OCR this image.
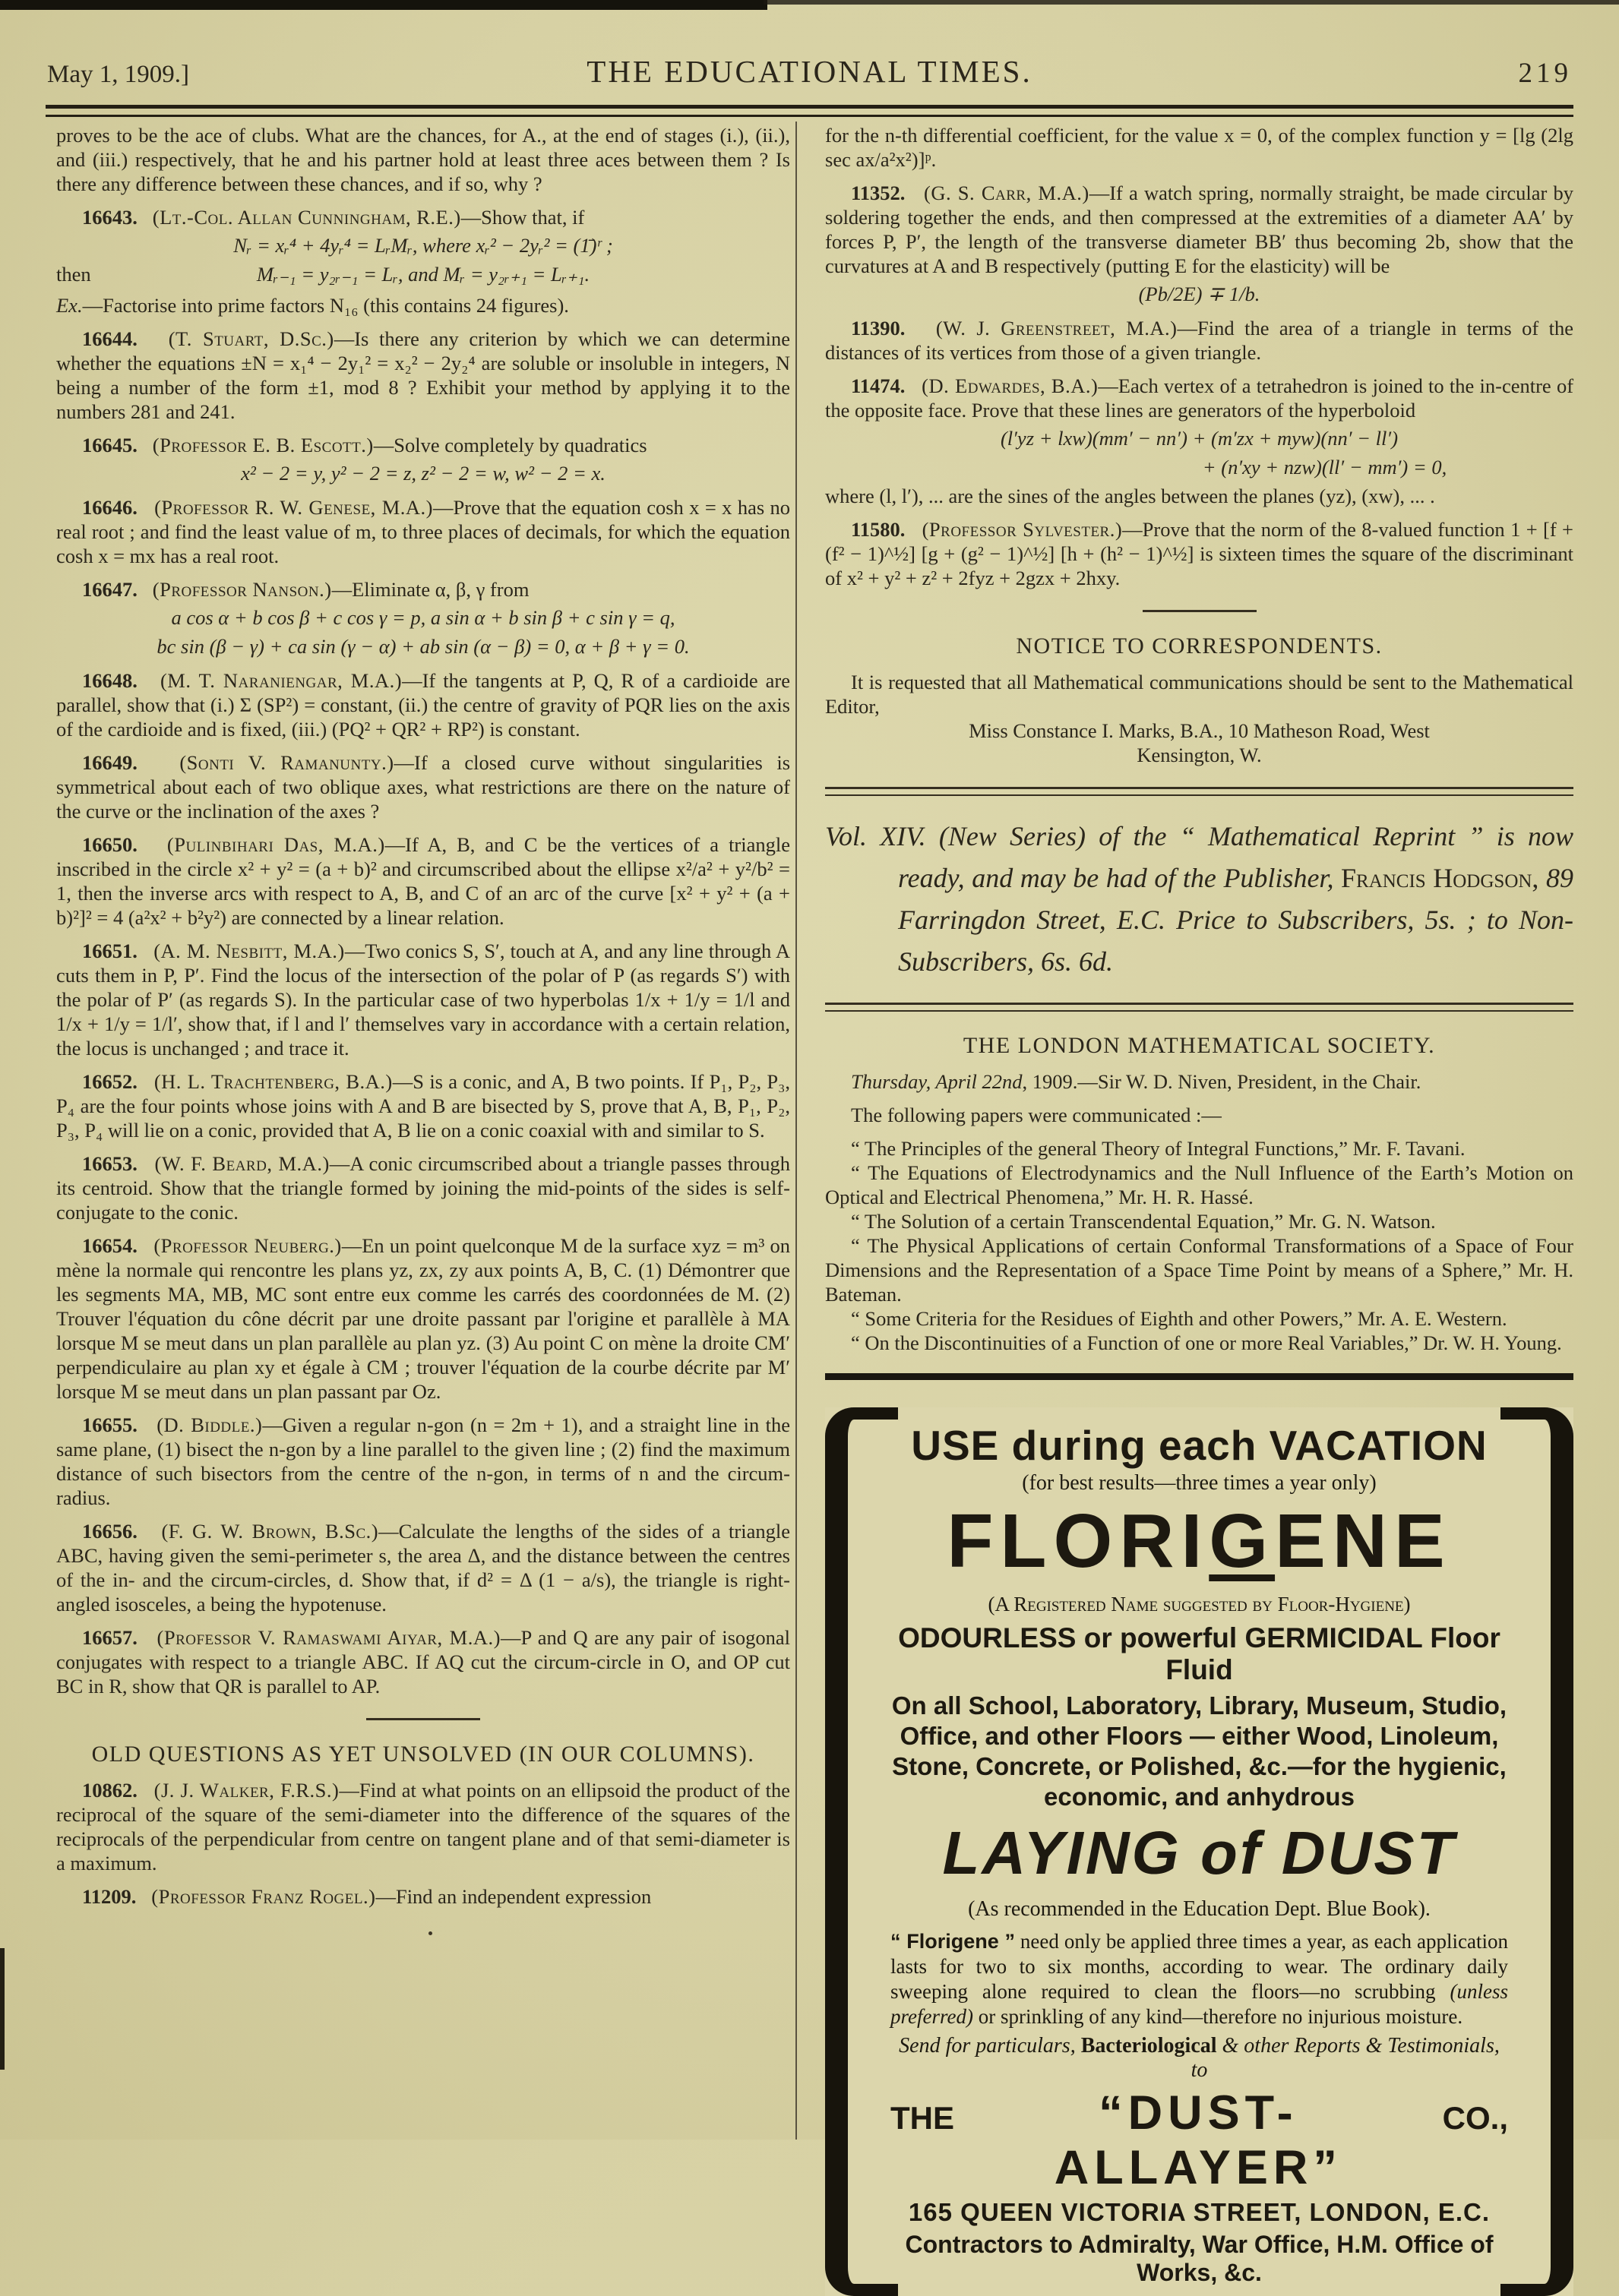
May 1, 1909.]	THE EDUCATIONAL TIMES.	219

proves to be the ace of clubs. What are the chances, for A., at the end of stages (i.), (ii.), and (iii.) respectively, that he and his partner hold at least three aces between them ? Is there any difference between these chances, and if so, why ?

16643. (Lt.-Col. Allan Cunningham, R.E.)—Show that, if

Nᵣ = xᵣ⁴ + 4yᵣ⁴ = LᵣMᵣ, where xᵣ² − 2yᵣ² = (1̄)ʳ ;
then	Mᵣ₋₁ = y₂ᵣ₋₁ = Lᵣ, and Mᵣ = y₂ᵣ₊₁ = Lᵣ₊₁.

Ex.—Factorise into prime factors N₁₆ (this contains 24 figures).

16644. (T. Stuart, D.Sc.)—Is there any criterion by which we can determine whether the equations ±N = x₁⁴ − 2y₁² = x₂² − 2y₂⁴ are soluble or insoluble in integers, N being a number of the form ±1, mod 8 ? Exhibit your method by applying it to the numbers 281 and 241.

16645. (Professor E. B. Escott.)—Solve completely by quadratics

x² − 2 = y, y² − 2 = z, z² − 2 = w, w² − 2 = x.

16646. (Professor R. W. Genese, M.A.)—Prove that the equation cosh x = x has no real root ; and find the least value of m, to three places of decimals, for which the equation cosh x = mx has a real root.

16647. (Professor Nanson.)—Eliminate α, β, γ from

a cos α + b cos β + c cos γ = p, a sin α + b sin β + c sin γ = q,
bc sin (β − γ) + ca sin (γ − α) + ab sin (α − β) = 0, α + β + γ = 0.

16648. (M. T. Naraniengar, M.A.)—If the tangents at P, Q, R of a cardioide are parallel, show that (i.) Σ (SP²) = constant, (ii.) the centre of gravity of PQR lies on the axis of the cardioide and is fixed, (iii.) (PQ² + QR² + RP²) is constant.

16649. (Sonti V. Ramanunty.)—If a closed curve without singularities is symmetrical about each of two oblique axes, what restrictions are there on the nature of the curve or the inclination of the axes ?

16650. (Pulinbihari Das, M.A.)—If A, B, and C be the vertices of a triangle inscribed in the circle x² + y² = (a + b)² and circumscribed about the ellipse x²/a² + y²/b² = 1, then the inverse arcs with respect to A, B, and C of an arc of the curve [x² + y² + (a + b)²]² = 4 (a²x² + b²y²) are connected by a linear relation.

16651. (A. M. Nesbitt, M.A.)—Two conics S, S′, touch at A, and any line through A cuts them in P, P′. Find the locus of the intersection of the polar of P (as regards S′) with the polar of P′ (as regards S). In the particular case of two hyperbolas 1/x + 1/y = 1/l and 1/x + 1/y = 1/l′, show that, if l and l′ themselves vary in accordance with a certain relation, the locus is unchanged ; and trace it.

16652. (H. L. Trachtenberg, B.A.)—S is a conic, and A, B two points. If P₁, P₂, P₃, P₄ are the four points whose joins with A and B are bisected by S, prove that A, B, P₁, P₂, P₃, P₄ will lie on a conic, provided that A, B lie on a conic coaxial with and similar to S.

16653. (W. F. Beard, M.A.)—A conic circumscribed about a triangle passes through its centroid. Show that the triangle formed by joining the mid-points of the sides is self-conjugate to the conic.

16654. (Professor Neuberg.)—En un point quelconque M de la surface xyz = m³ on mène la normale qui rencontre les plans yz, zx, zy aux points A, B, C. (1) Démontrer que les segments MA, MB, MC sont entre eux comme les carrés des coordonnées de M. (2) Trouver l'équation du cône décrit par une droite passant par l'origine et parallèle à MA lorsque M se meut dans un plan parallèle au plan yz. (3) Au point C on mène la droite CM′ perpendiculaire au plan xy et égale à CM ; trouver l'équation de la courbe décrite par M′ lorsque M se meut dans un plan passant par Oz.

16655. (D. Biddle.)—Given a regular n-gon (n = 2m + 1), and a straight line in the same plane, (1) bisect the n-gon by a line parallel to the given line ; (2) find the maximum distance of such bisectors from the centre of the n-gon, in terms of n and the circum-radius.

16656. (F. G. W. Brown, B.Sc.)—Calculate the lengths of the sides of a triangle ABC, having given the semi-perimeter s, the area Δ, and the distance between the centres of the in- and the circum-circles, d. Show that, if d² = Δ (1 − a/s), the triangle is right-angled isosceles, a being the hypotenuse.

16657. (Professor V. Ramaswami Aiyar, M.A.)—P and Q are any pair of isogonal conjugates with respect to a triangle ABC. If AQ cut the circum-circle in O, and OP cut BC in R, show that QR is parallel to AP.

OLD QUESTIONS AS YET UNSOLVED (IN OUR COLUMNS).

10862. (J. J. Walker, F.R.S.)—Find at what points on an ellipsoid the product of the reciprocal of the square of the semi-diameter into the difference of the squares of the reciprocals of the perpendicular from centre on tangent plane and of that semi-diameter is a maximum.

11209. (Professor Franz Rogel.)—Find an independent expression

for the n-th differential coefficient, for the value x = 0, of the complex function y = [lg (2lg sec ax/a²x²)]ᵖ.

11352. (G. S. Carr, M.A.)—If a watch spring, normally straight, be made circular by soldering together the ends, and then compressed at the extremities of a diameter AA′ by forces P, P′, the length of the transverse diameter BB′ thus becoming 2b, show that the curvatures at A and B respectively (putting E for the elasticity) will be

(Pb/2E) ∓ 1/b.

11390. (W. J. Greenstreet, M.A.)—Find the area of a triangle in terms of the distances of its vertices from those of a given triangle.

11474. (D. Edwardes, B.A.)—Each vertex of a tetrahedron is joined to the in-centre of the opposite face. Prove that these lines are generators of the hyperboloid

(l′yz + lxw)(mm′ − nn′) + (m′zx + myw)(nn′ − ll′)
+ (n′xy + nzw)(ll′ − mm′) = 0,

where (l, l′), ... are the sines of the angles between the planes (yz), (xw), ... .

11580. (Professor Sylvester.)—Prove that the norm of the 8-valued function 1 + [f + (f² − 1)^½] [g + (g² − 1)^½] [h + (h² − 1)^½] is sixteen times the square of the discriminant of x² + y² + z² + 2fyz + 2gzx + 2hxy.

NOTICE TO CORRESPONDENTS.

It is requested that all Mathematical communications should be sent to the Mathematical Editor,

Miss Constance I. Marks, B.A., 10 Matheson Road, West

Kensington, W.

Vol. XIV. (New Series) of the “ Mathematical Reprint ” is now ready, and may be had of the Publisher, Francis Hodgson, 89 Farringdon Street, E.C. Price to Subscribers, 5s. ; to Non-Subscribers, 6s. 6d.

THE LONDON MATHEMATICAL SOCIETY.

Thursday, April 22nd, 1909.—Sir W. D. Niven, President, in the Chair.

The following papers were communicated :—

“ The Principles of the general Theory of Integral Functions,” Mr. F. Tavani.

“ The Equations of Electrodynamics and the Null Influence of the Earth’s Motion on Optical and Electrical Phenomena,” Mr. H. R. Hassé.

“ The Solution of a certain Transcendental Equation,” Mr. G. N. Watson.

“ The Physical Applications of certain Conformal Transformations of a Space of Four Dimensions and the Representation of a Space Time Point by means of a Sphere,” Mr. H. Bateman.

“ Some Criteria for the Residues of Eighth and other Powers,” Mr. A. E. Western.

“ On the Discontinuities of a Function of one or more Real Variables,” Dr. W. H. Young.

USE during each VACATION
(for best results—three times a year only)
FLORIGENE
(A Registered Name suggested by Floor-Hygiene)
ODOURLESS or powerful GERMICIDAL Floor Fluid
On all School, Laboratory, Library, Museum, Studio, Office, and other Floors — either Wood, Linoleum, Stone, Concrete, or Polished, &c.—for the hygienic, economic, and anhydrous
LAYING of DUST
(As recommended in the Education Dept. Blue Book).

“ Florigene ” need only be applied three times a year, as each application lasts for two to six months, according to wear. The ordinary daily sweeping alone required to clean the floors—no scrubbing (unless preferred) or sprinkling of any kind—therefore no injurious moisture.

Send for particulars, Bacteriological & other Reports & Testimonials, to
THE	“DUST-ALLAYER”
CO.,
165 QUEEN VICTORIA STREET, LONDON, E.C.
Contractors to Admiralty, War Office, H.M. Office of Works, &c.
